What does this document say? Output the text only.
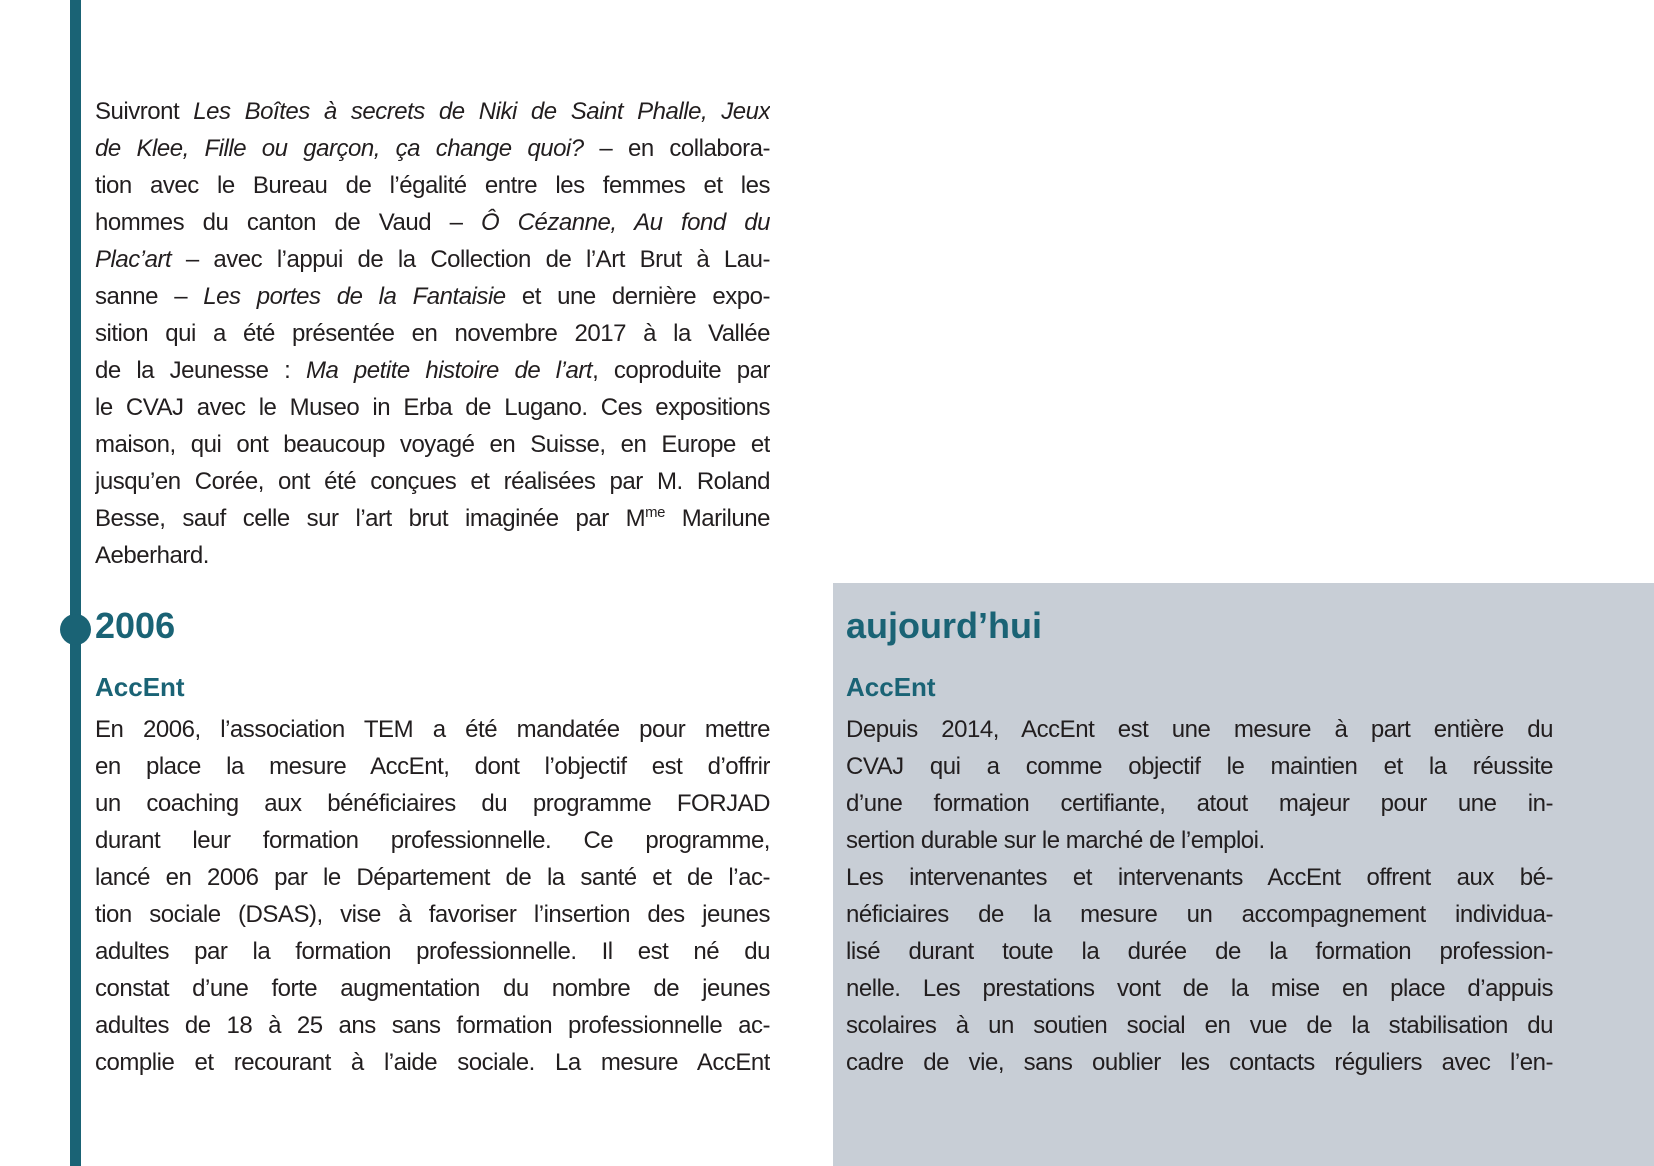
Suivront Les Boîtes à secrets de Niki de Saint Phalle, Jeux
de Klee, Fille ou garçon, ça change quoi? – en collabora-
tion avec le Bureau de l’égalité entre les femmes et les
hommes du canton de Vaud – Ô Cézanne, Au fond du
Plac’art – avec l’appui de la Collection de l’Art Brut à Lau-
sanne – Les portes de la Fantaisie et une dernière expo-
sition qui a été présentée en novembre 2017 à la Vallée
de la Jeunesse : Ma petite histoire de l’art, coproduite par
le CVAJ avec le Museo in Erba de Lugano. Ces expositions
maison, qui ont beaucoup voyagé en Suisse, en Europe et
jusqu’en Corée, ont été conçues et réalisées par M. Roland
Besse, sauf celle sur l’art brut imaginée par $M^{me}$ Marilune
Aeberhard.
2006
AccEnt
En 2006, l’association TEM a été mandatée pour mettre
en place la mesure AccEnt, dont l’objectif est d’offrir
un coaching aux bénéficiaires du programme FORJAD
durant leur formation professionnelle. Ce programme,
lancé en 2006 par le Département de la santé et de l’ac-
tion sociale (DSAS), vise à favoriser l’insertion des jeunes
adultes par la formation professionnelle. Il est né du
constat d’une forte augmentation du nombre de jeunes
adultes de 18 à 25 ans sans formation professionnelle ac-
complie et recourant à l’aide sociale. La mesure AccEnt
aujourd’hui
AccEnt
Depuis 2014, AccEnt est une mesure à part entière du
CVAJ qui a comme objectif le maintien et la réussite
d’une formation certifiante, atout majeur pour une in-
sertion durable sur le marché de l’emploi.
Les intervenantes et intervenants AccEnt offrent aux bé-
néficiaires de la mesure un accompagnement individua-
lisé durant toute la durée de la formation profession-
nelle. Les prestations vont de la mise en place d’appuis
scolaires à un soutien social en vue de la stabilisation du
cadre de vie, sans oublier les contacts réguliers avec l’en-
